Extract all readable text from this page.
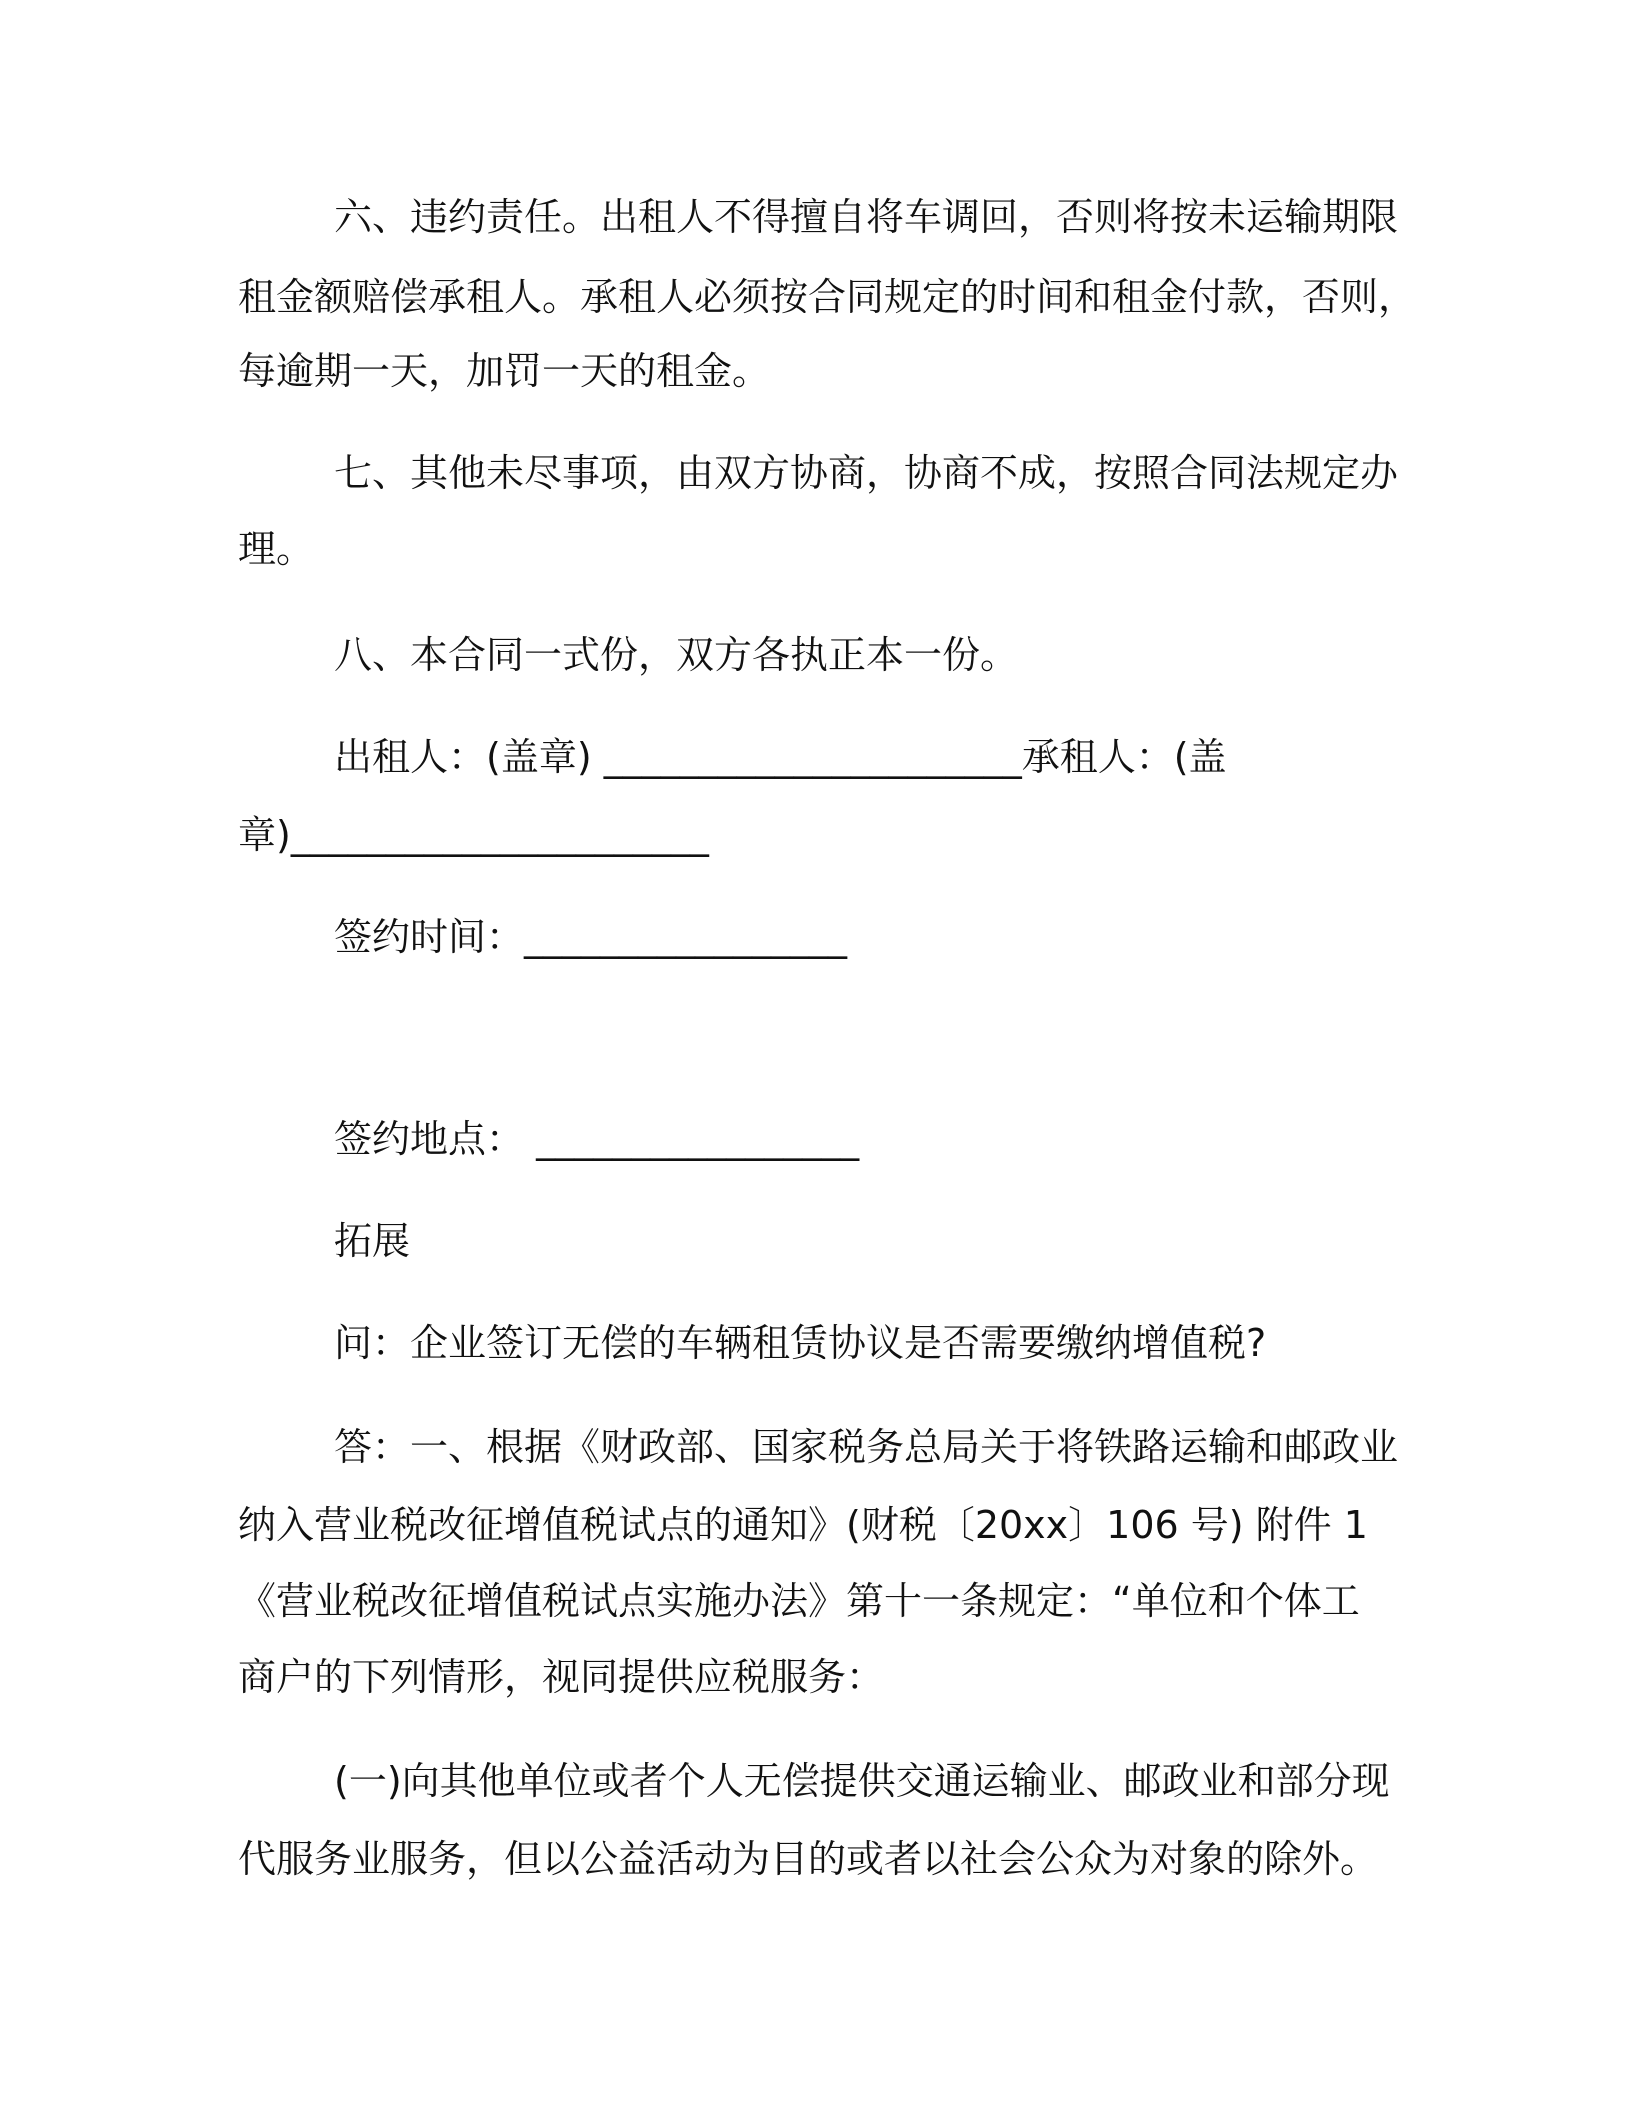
六、违约责任。出租人不得擅自将车调回，否则将按未运输期限
租金额赔偿承租人。承租人必须按合同规定的时间和租金付款，否则，
每逾期一天，加罚一天的租金。
七、其他未尽事项，由双方协商，协商不成，按照合同法规定办
理。
八、本合同一式份，双方各执正本一份。
出租人：(盖章) ______________________承租人：(盖
章)______________________
签约时间：_________________
签约地点： _________________
拓展
问：企业签订无偿的车辆租赁协议是否需要缴纳增值税?
答：一、根据《财政部、国家税务总局关于将铁路运输和邮政业
纳入营业税改征增值税试点的通知》(财税〔20xx〕106 号) 附件 1
《营业税改征增值税试点实施办法》第十一条规定：“单位和个体工
商户的下列情形，视同提供应税服务：
(一)向其他单位或者个人无偿提供交通运输业、邮政业和部分现
代服务业服务，但以公益活动为目的或者以社会公众为对象的除外。
